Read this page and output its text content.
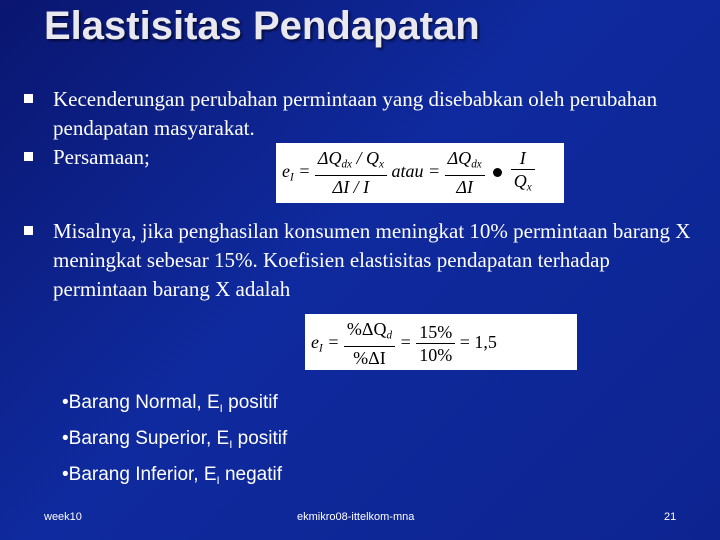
Elastisitas Pendapatan
Kecenderungan perubahan permintaan yang disebabkan oleh perubahan pendapatan masyarakat.
Persamaan;
$e_I = \frac{\Delta Q_{dx} / Q_x}{\Delta I / I}$ atau = $\frac{\Delta Q_{dx}}{\Delta I}$
$\frac{I}{Q_x}$
Misalnya, jika penghasilan konsumen meningkat 10% permintaan barang X meningkat sebesar 15%. Koefisien elastisitas pendapatan terhadap permintaan barang X adalah
$e_I = \frac{\%\Delta Q_d}{\%\Delta I} = \frac{15\%}{10\%} = 1,5$
•Barang Normal, $E_I$ positif
•Barang Superior, $E_I$ positif
•Barang Inferior, $E_I$ negatif
week10	ekmikro08-ittelkom-mna	21
